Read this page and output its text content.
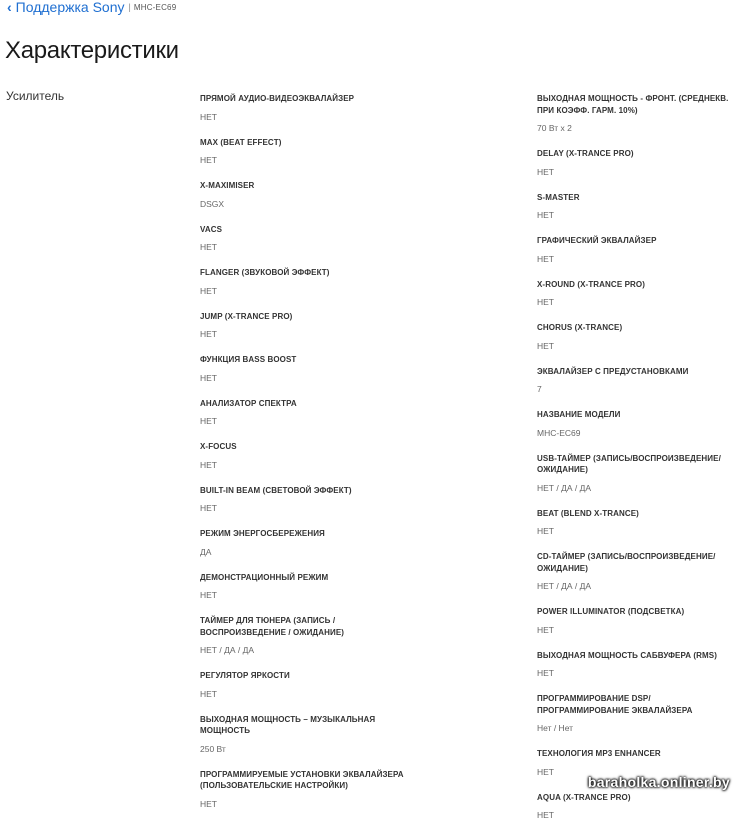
‹ Поддержка Sony | MHC-EC69
Характеристики
Усилитель	ПРЯМОЙ АУДИО-ВИДЕОЭКВАЛАЙЗЕР
НЕТ
MAX (BEAT EFFECT)
НЕТ
X-MAXIMISER
DSGX
VACS
НЕТ
FLANGER (ЗВУКОВОЙ ЭФФЕКТ)
НЕТ
JUMP (X-TRANCE PRO)
НЕТ
ФУНКЦИЯ BASS BOOST
НЕТ
АНАЛИЗАТОР СПЕКТРА
НЕТ
X-FOCUS
НЕТ
BUILT-IN BEAM (СВЕТОВОЙ ЭФФЕКТ)
НЕТ
РЕЖИМ ЭНЕРГОСБЕРЕЖЕНИЯ
ДА
ДЕМОНСТРАЦИОННЫЙ РЕЖИМ
НЕТ
ТАЙМЕР ДЛЯ ТЮНЕРА (ЗАПИСЬ / ВОСПРОИЗВЕДЕНИЕ / ОЖИДАНИЕ)
НЕТ / ДА / ДА
РЕГУЛЯТОР ЯРКОСТИ
НЕТ
ВЫХОДНАЯ МОЩНОСТЬ – МУЗЫКАЛЬНАЯ МОЩНОСТЬ
250 Вт
ПРОГРАММИРУЕМЫЕ УСТАНОВКИ ЭКВАЛАЙЗЕРА (ПОЛЬЗОВАТЕЛЬСКИЕ НАСТРОЙКИ)
НЕТ
ВЫХОДНАЯ МОЩНОСТЬ - ФРОНТ. (СРЕДНЕКВ. ПРИ КОЭФФ. ГАРМ. 10%)
70 Вт x 2
DELAY (X-TRANCE PRO)
НЕТ
S-MASTER
НЕТ
ГРАФИЧЕСКИЙ ЭКВАЛАЙЗЕР
НЕТ
X-ROUND (X-TRANCE PRO)
НЕТ
CHORUS (X-TRANCE)
НЕТ
ЭКВАЛАЙЗЕР С ПРЕДУСТАНОВКАМИ
7
НАЗВАНИЕ МОДЕЛИ
MHC-EC69
USB-ТАЙМЕР (ЗАПИСЬ/ВОСПРОИЗВЕДЕНИЕ/ОЖИДАНИЕ)
НЕТ / ДА / ДА
BEAT (BLEND X-TRANCE)
НЕТ
CD-ТАЙМЕР (ЗАПИСЬ/ВОСПРОИЗВЕДЕНИЕ/ОЖИДАНИЕ)
НЕТ / ДА / ДА
POWER ILLUMINATOR (ПОДСВЕТКА)
НЕТ
ВЫХОДНАЯ МОЩНОСТЬ САБВУФЕРА (RMS)
НЕТ
ПРОГРАММИРОВАНИЕ DSP/ПРОГРАММИРОВАНИЕ ЭКВАЛАЙЗЕРА
Нет / Нет
ТЕХНОЛОГИЯ MP3 ENHANCER
НЕТ
AQUA (X-TRANCE PRO)
НЕТ
baraholka.onliner.by
